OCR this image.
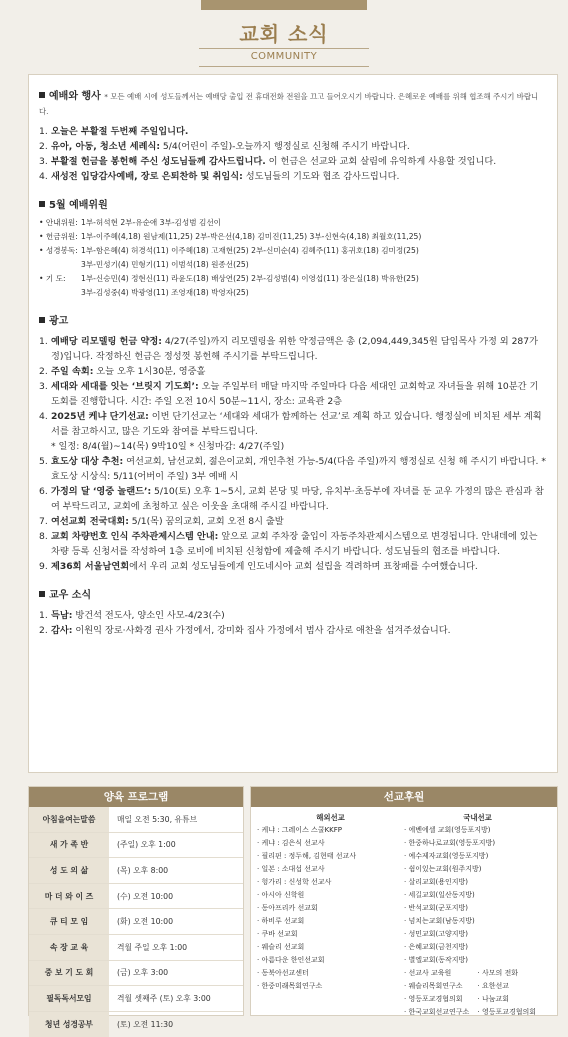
교회 소식
COMMUNITY
예배와 행사 * 모든 예배 시에 성도들께서는 예배당 출입 전 휴대전화 전원을 끄고 들어오시기 바랍니다. 은혜로운 예배를 위해 협조해 주시기 바랍니다.
1. 오늘은 부활절 두번째 주일입니다.
2. 유아, 아동, 청소년 세례식: 5/4(어린이 주일)-오늘까지 행정실로 신청해 주시기 바랍니다.
3. 부활절 헌금을 봉헌해 주신 성도님들께 감사드립니다. 이 헌금은 선교와 교회 살림에 유익하게 사용할 것입니다.
4. 새성전 입당감사예배, 장로 은퇴찬하 및 취임식: 성도님들의 기도와 협조 감사드립니다.
5월 예배위원
• 안내위원: 1부-허석현 2부-유순애 3부-김성범 김선이
• 헌금위원: 1부-이주혜(4,18) 원남제(11,25) 2부-박은선(4,18) 김미진(11,25) 3부-신현숙(4,18) 최월호(11,25)
• 성경봉독: 1부-함은혜(4) 허경석(11) 이주혜(18) 고재현(25) 2부-신미순(4) 김혜주(11) 홍귀호(18) 김미정(25)
3부-민성기(4) 민형기(11) 이범석(18) 원종선(25)
• 기 도:	1부-신승민(4) 정현신(11) 라윤도(18) 배상연(25) 2부-김성범(4) 이영섭(11) 장은실(18) 박유한(25)
3부-김성중(4) 박광영(11) 조영재(18) 박영자(25)
광고
1. 예배당 리모델링 헌금 약정: 4/27(주일)까지 리모델링을 위한 약정금액은 총 (2,094,449,345원 담임목사 가정 외 287가정)입니다. 작정하신 헌금은 정성껏 봉헌해 주시기를 부탁드립니다.
2. 주일 속회: 오늘 오후 1시30분, 영중홀
3. 세대와 세대를 잇는 ‘브릿지 기도회’: 오늘 주일부터 매달 마지막 주일마다 다음 세대인 교회학교 자녀들을 위해 10분간 기도회를 진행합니다. 시간: 주일 오전 10시 50분~11시, 장소: 교육관 2층
4. 2025년 케냐 단기선교: 이번 단기선교는 ‘세대와 세대가 함께하는 선교’로 계획 하고 있습니다. 행정실에 비치된 세부 계획서를 참고하시고, 많은 기도와 참여를 부탁드립니다.
* 일정: 8/4(월)~14(목) 9박10일 * 신청마감: 4/27(주일)
5. 효도상 대상 추천: 여선교회, 남선교회, 젊은이교회, 개인추천 가능-5/4(다음 주일)까지 행정실로 신청 해 주시기 바랍니다. * 효도상 시상식: 5/11(어버이 주일) 3부 예배 시
6. 가정의 달 ‘영중 놀랜드’: 5/10(토) 오후 1~5시, 교회 본당 및 마당, 유치부·초등부에 자녀를 둔 교우 가정의 많은 관심과 참여 부탁드리고, 교회에 초청하고 싶은 이웃을 초대해 주시길 바랍니다.
7. 여선교회 전국대회: 5/1(목) 꿈의교회, 교회 오전 8시 출발
8. 교회 차량번호 인식 주차관제시스템 안내: 앞으로 교회 주차장 출입이 자동주차관제시스템으로 변경됩니다. 안내데에 있는 차량 등록 신청서를 작성하여 1층 로비에 비치된 신청함에 제출해 주시기 바랍니다. 성도님들의 협조를 바랍니다.
9. 제36회 서울남연회에서 우리 교회 성도님들에게 인도네시아 교회 설립을 격려하며 표창패를 수여했습니다.
교우 소식
1. 득남: 방건석 전도사, 양소인 사모-4/23(수)
2. 감사: 이원익 장로·사화경 권사 가정에서, 강미화 집사 가정에서 범사 감사로 애찬을 섬겨주셨습니다.
양육 프로그램
아침을여는말씀	매일 오전 5:30, 유튜브
새 가 족 반	(주일) 오후 1:00
성 도 의 삶	(목) 오후 8:00
마 더 와 이 즈	(수) 오전 10:00
큐 티 모 임	(화) 오전 10:00
속 장 교 육	격월 주일 오후 1:00
중 보 기 도 회	(금) 오후 3:00
필독독서모임	격월 셋째주 (토) 오후 3:00
청년 성경공부	(토) 오전 11:30
선교후원
해외선교
· 케냐 : 그레이스 스쿨KKFP
· 케냐 : 김은식 선교사
· 필리핀 : 정두해, 김현태 선교사
· 일본 : 소대섭 선교사
· 헝가리 : 신성학 선교사
· 아시아 신학원
· 동아프리카 선교회
· 하비루 선교회
· 쿠바 선교회
· 웨슬리 선교회
· 아름다운 한인선교회
· 동북아선교센터
· 한중미래목회연구소
국내선교
· 에벤에셀 교회(영등포지방)
· 한중하나로교회(영등포지방)
· 예수제자교회(영등포지방)
· 쉼이있는교회(원주지방)
· 살리교회(용인지방)
· 세길교회(일산동지방)
· 반석교회(군포지방)
· 넘치는교회(남동지방)
· 성민교회(고양지방)
· 은혜교회(금천지방)
· 별엘교회(동작지방)
· 선교사 교육원	· 사모의 전화
· 웨슬리목회연구소	· 요한선교
· 영등포교경협의회	· 나눔교회
· 한국교회선교연구소	· 영등포교경협의회
